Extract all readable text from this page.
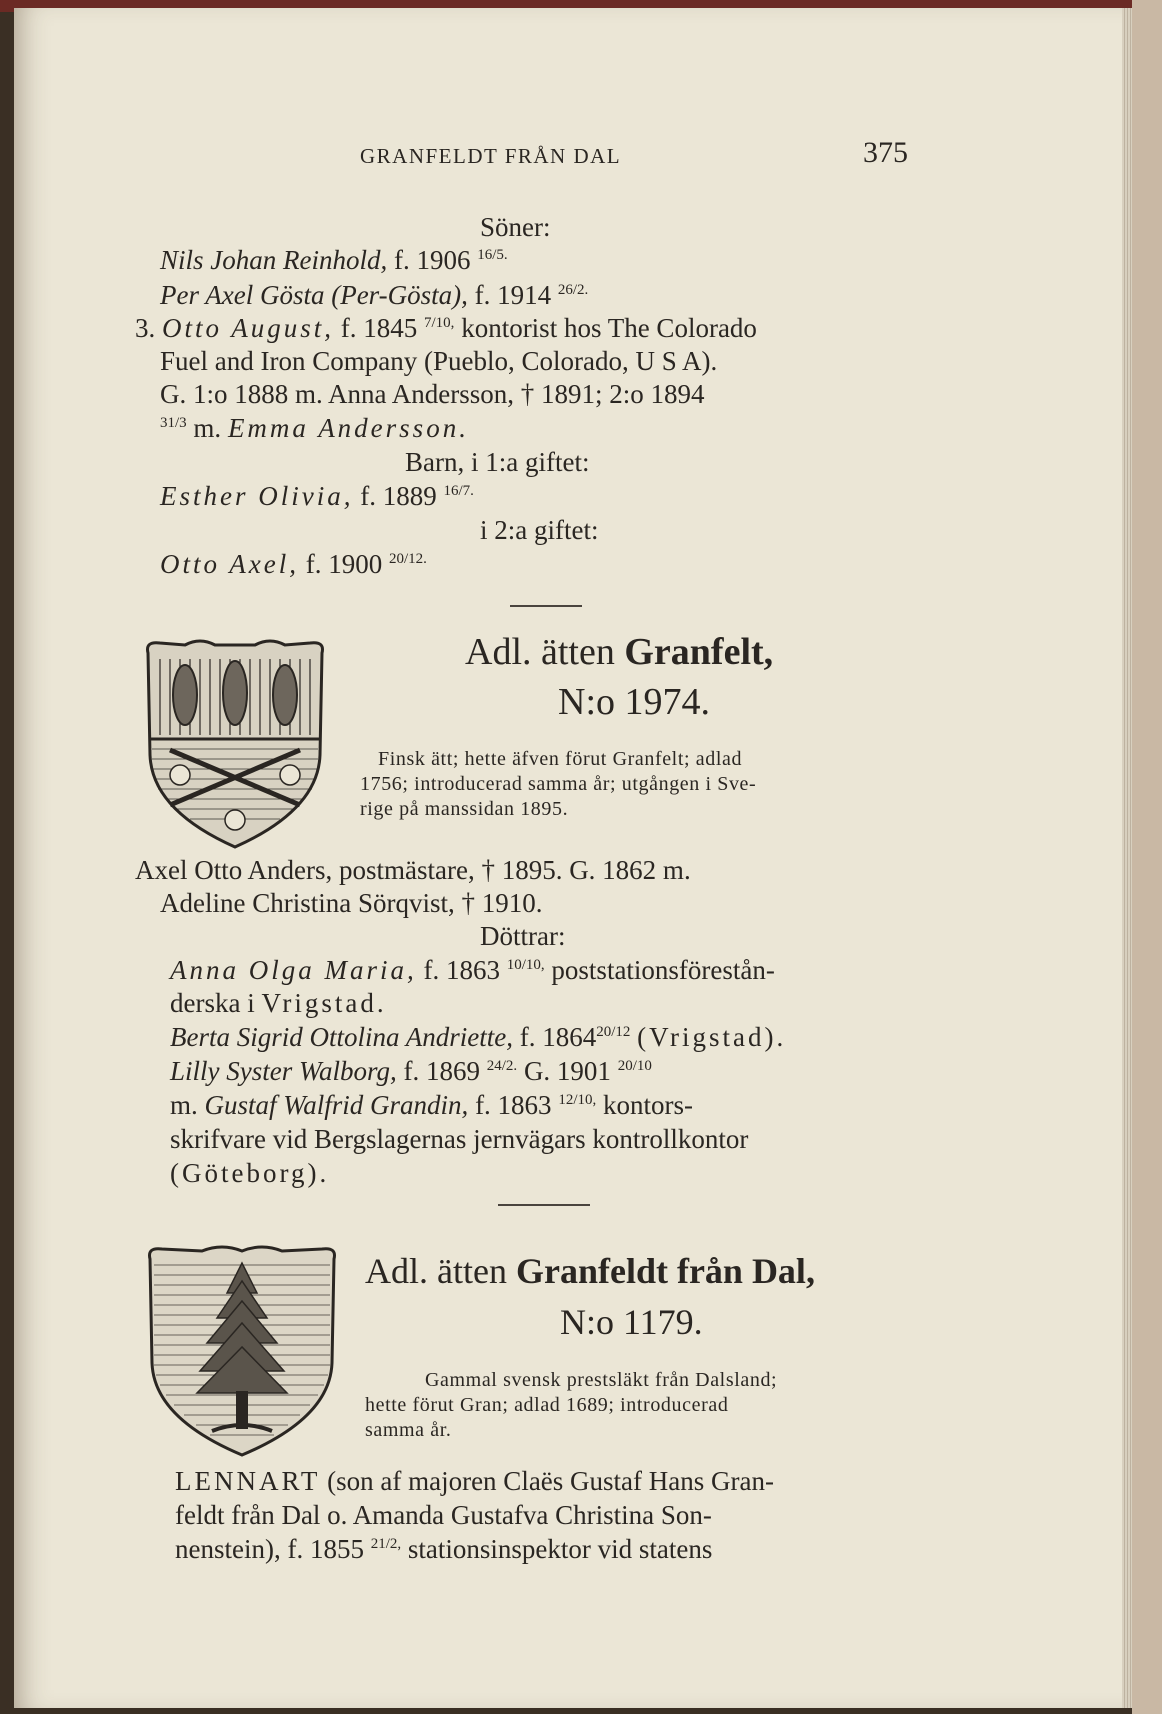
GRANFELDT FRÅN DAL	375
Söner:
Nils Johan Reinhold, f. 1906 $^{16/5.}$
Per Axel Gösta (Per-Gösta), f. 1914 $^{26/2.}$
3. Otto August, f. 1845 $^{7/10,}$ kontorist hos The Colorado
Fuel and Iron Company (Pueblo, Colorado, U S A).
G. 1:o 1888 m. Anna Andersson, † 1891; 2:o 1894
$^{31/3}$ m. Emma Andersson.
Barn, i 1:a giftet:
Esther Olivia, f. 1889 $^{16/7.}$
i 2:a giftet:
Otto Axel, f. 1900 $^{20/12.}$
Adl. ätten Granfelt,
N:o 1974.
Finsk ätt; hette äfven förut Granfelt; adlad
1756; introducerad samma år; utgången i Sve-
rige på manssidan 1895.
Axel Otto Anders, postmästare, † 1895. G. 1862 m.
Adeline Christina Sörqvist, † 1910.
Döttrar:
Anna Olga Maria, f. 1863 $^{10/10,}$ poststationsförestån-
derska i Vrigstad.
Berta Sigrid Ottolina Andriette, f. $1864^{20/12}$ (Vrigstad).
Lilly Syster Walborg, f. 1869 $^{24/2.}$ G. 1901 $^{20/10}$
m. Gustaf Walfrid Grandin, f. 1863 $^{12/10,}$ kontors-
skrifvare vid Bergslagernas jernvägars kontrollkontor
(Göteborg).
Adl. ätten Granfeldt från Dal,
N:o 1179.
Gammal svensk prestsläkt från Dalsland;
hette förut Gran; adlad 1689; introducerad
samma år.
LENNART (son af majoren Claës Gustaf Hans Gran-
feldt från Dal o. Amanda Gustafva Christina Son-
nenstein), f. 1855 $^{21/2,}$ stationsinspektor vid statens
